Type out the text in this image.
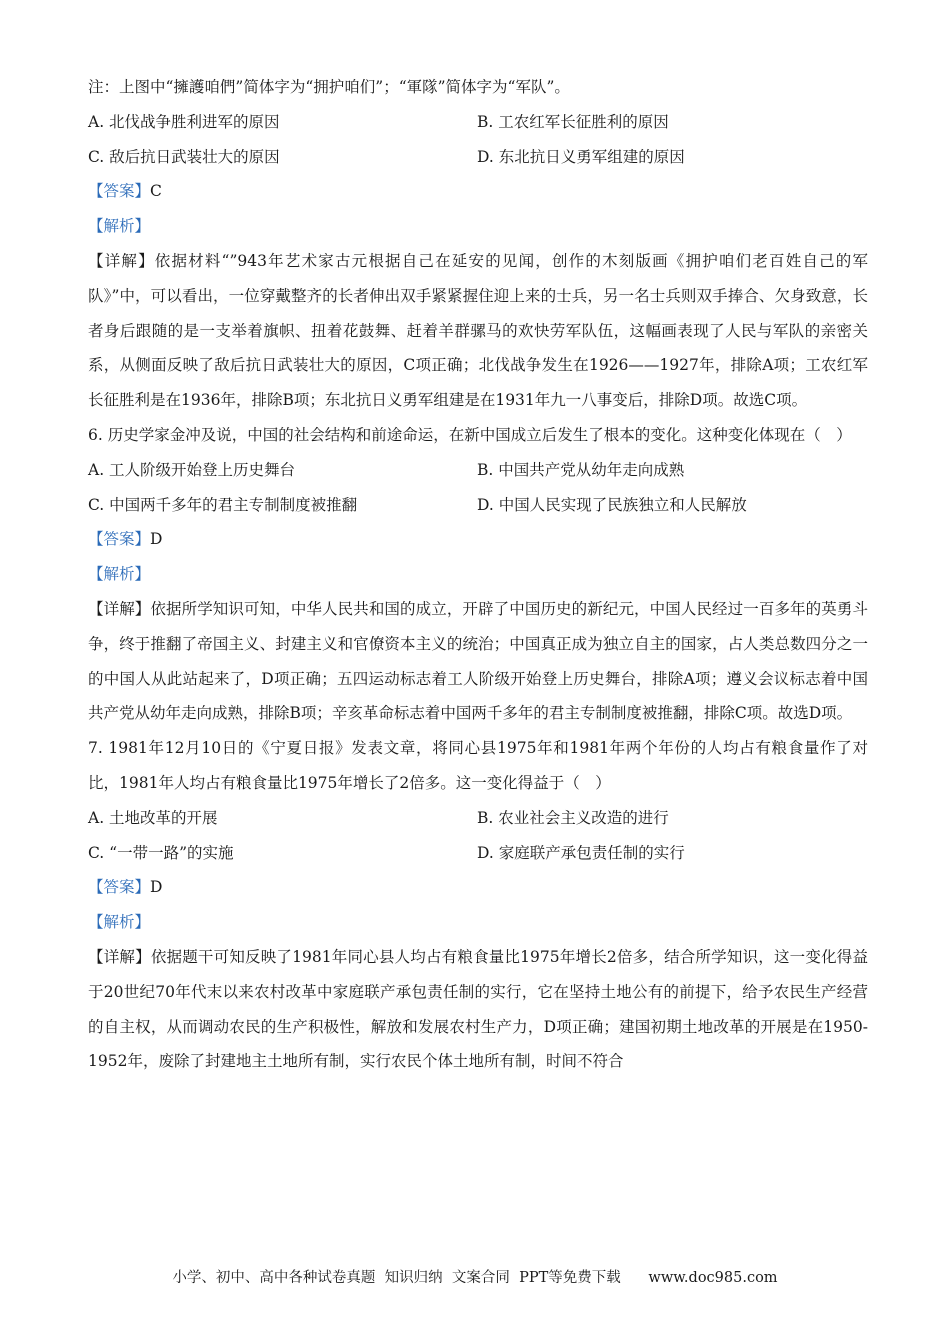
注：上图中“擁護咱們”简体字为“拥护咱们”；“軍隊”简体字为“军队”。
A. 北伐战争胜利进军的原因	B. 工农红军长征胜利的原因
C. 敌后抗日武装壮大的原因	D. 东北抗日义勇军组建的原因
【答案】C
【解析】
【详解】依据材料“”943年艺术家古元根据自己在延安的见闻，创作的木刻版画《拥护咱们老百姓自己的军队》”中，可以看出，一位穿戴整齐的长者伸出双手紧紧握住迎上来的士兵，另一名士兵则双手捧合、欠身致意，长者身后跟随的是一支举着旗帜、扭着花鼓舞、赶着羊群骡马的欢快劳军队伍，这幅画表现了人民与军队的亲密关系，从侧面反映了敌后抗日武装壮大的原因，C项正确；北伐战争发生在1926——1927年，排除A项；工农红军长征胜利是在1936年，排除B项；东北抗日义勇军组建是在1931年九一八事变后，排除D项。故选C项。
6. 历史学家金冲及说，中国的社会结构和前途命运，在新中国成立后发生了根本的变化。这种变化体现在（　）
A. 工人阶级开始登上历史舞台	B. 中国共产党从幼年走向成熟
C. 中国两千多年的君主专制制度被推翻	D. 中国人民实现了民族独立和人民解放
【答案】D
【解析】
【详解】依据所学知识可知，中华人民共和国的成立，开辟了中国历史的新纪元，中国人民经过一百多年的英勇斗争，终于推翻了帝国主义、封建主义和官僚资本主义的统治；中国真正成为独立自主的国家，占人类总数四分之一的中国人从此站起来了，D项正确；五四运动标志着工人阶级开始登上历史舞台，排除A项；遵义会议标志着中国共产党从幼年走向成熟，排除B项；辛亥革命标志着中国两千多年的君主专制制度被推翻，排除C项。故选D项。
7. 1981年12月10日的《宁夏日报》发表文章，将同心县1975年和1981年两个年份的人均占有粮食量作了对比，1981年人均占有粮食量比1975年增长了2倍多。这一变化得益于（　）
A. 土地改革的开展	B. 农业社会主义改造的进行
C. “一带一路”的实施	D. 家庭联产承包责任制的实行
【答案】D
【解析】
【详解】依据题干可知反映了1981年同心县人均占有粮食量比1975年增长2倍多，结合所学知识，这一变化得益于20世纪70年代末以来农村改革中家庭联产承包责任制的实行，它在坚持土地公有的前提下，给予农民生产经营的自主权，从而调动农民的生产积极性，解放和发展农村生产力，D项正确；建国初期土地改革的开展是在1950-1952年，废除了封建地主土地所有制，实行农民个体土地所有制，时间不符合
小学、初中、高中各种试卷真题  知识归纳  文案合同  PPT等免费下载      www.doc985.com
